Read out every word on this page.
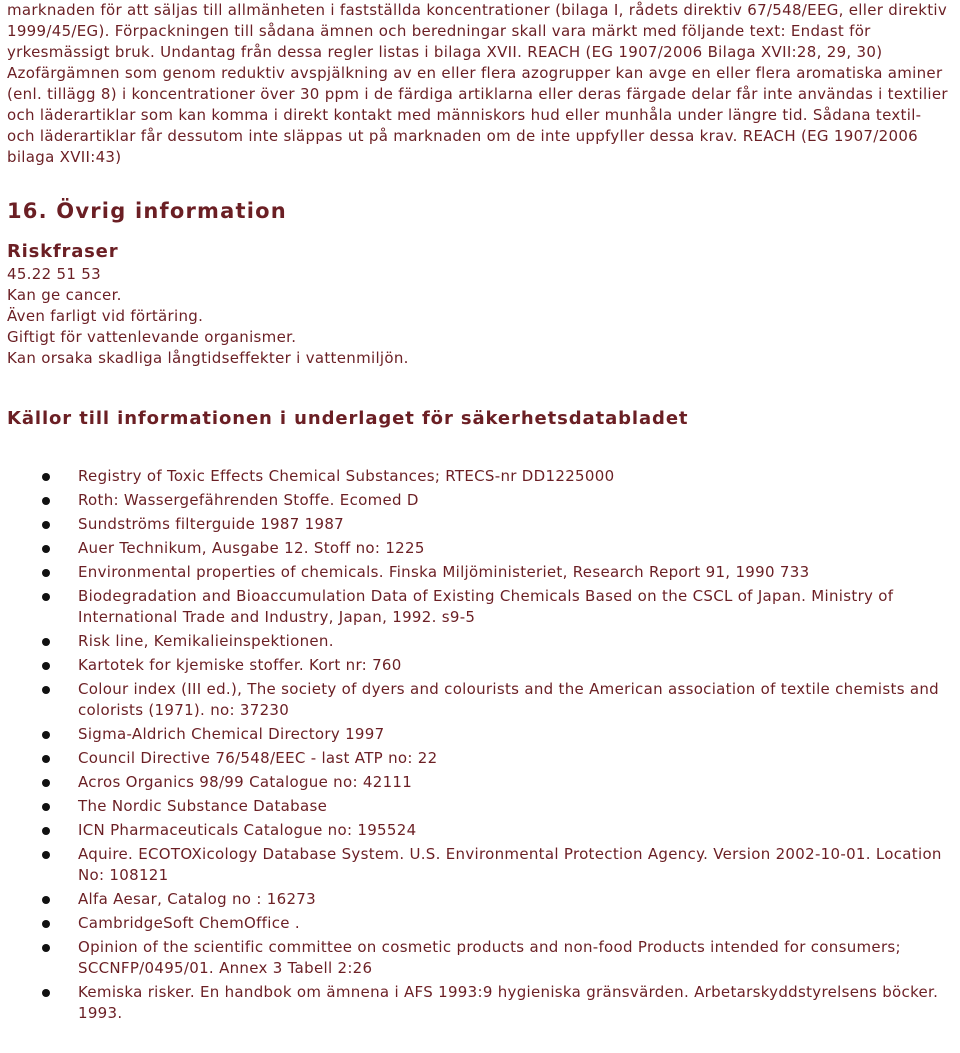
marknaden för att säljas till allmänheten i fastställda koncentrationer (bilaga I, rådets direktiv 67/548/EEG, eller direktiv 1999/45/EG). Förpackningen till sådana ämnen och beredningar skall vara märkt med följande text: Endast för yrkesmässigt bruk. Undantag från dessa regler listas i bilaga XVII. REACH (EG 1907/2006 Bilaga XVII:28, 29, 30)

Azofärgämnen som genom reduktiv avspjälkning av en eller flera azogrupper kan avge en eller flera aromatiska aminer (enl. tillägg 8) i koncentrationer över 30 ppm i de färdiga artiklarna eller deras färgade delar får inte användas i textilier och läderartiklar som kan komma i direkt kontakt med människors hud eller munhåla under längre tid. Sådana textil- och läderartiklar får dessutom inte släppas ut på marknaden om de inte uppfyller dessa krav. REACH (EG 1907/2006 bilaga XVII:43)

16. Övrig information
Riskfraser

45.22 51 53

Kan ge cancer.

Även farligt vid förtäring.

Giftigt för vattenlevande organismer.

Kan orsaka skadliga långtidseffekter i vattenmiljön.

Källor till informationen i underlaget för säkerhetsdatabladet
Registry of Toxic Effects Chemical Substances; RTECS-nr DD1225000
Roth: Wassergefährenden Stoffe. Ecomed D
Sundströms filterguide 1987 1987
Auer Technikum, Ausgabe 12. Stoff no: 1225
Environmental properties of chemicals. Finska Miljöministeriet, Research Report 91, 1990 733
Biodegradation and Bioaccumulation Data of Existing Chemicals Based on the CSCL of Japan. Ministry of International Trade and Industry, Japan, 1992. s9-5
Risk line, Kemikalieinspektionen.
Kartotek for kjemiske stoffer. Kort nr: 760
Colour index (III ed.), The society of dyers and colourists and the American association of textile chemists and colorists (1971). no: 37230
Sigma-Aldrich Chemical Directory 1997
Council Directive 76/548/EEC - last ATP no: 22
Acros Organics 98/99 Catalogue no: 42111
The Nordic Substance Database
ICN Pharmaceuticals Catalogue no: 195524
Aquire. ECOTOXicology Database System. U.S. Environmental Protection Agency. Version 2002-10-01. Location No: 108121
Alfa Aesar, Catalog no : 16273
CambridgeSoft ChemOffice .
Opinion of the scientific committee on cosmetic products and non-food Products intended for consumers; SCCNFP/0495/01. Annex 3 Tabell 2:26
Kemiska risker. En handbok om ämnena i AFS 1993:9 hygieniska gränsvärden. Arbetarskyddstyrelsens böcker. 1993.
